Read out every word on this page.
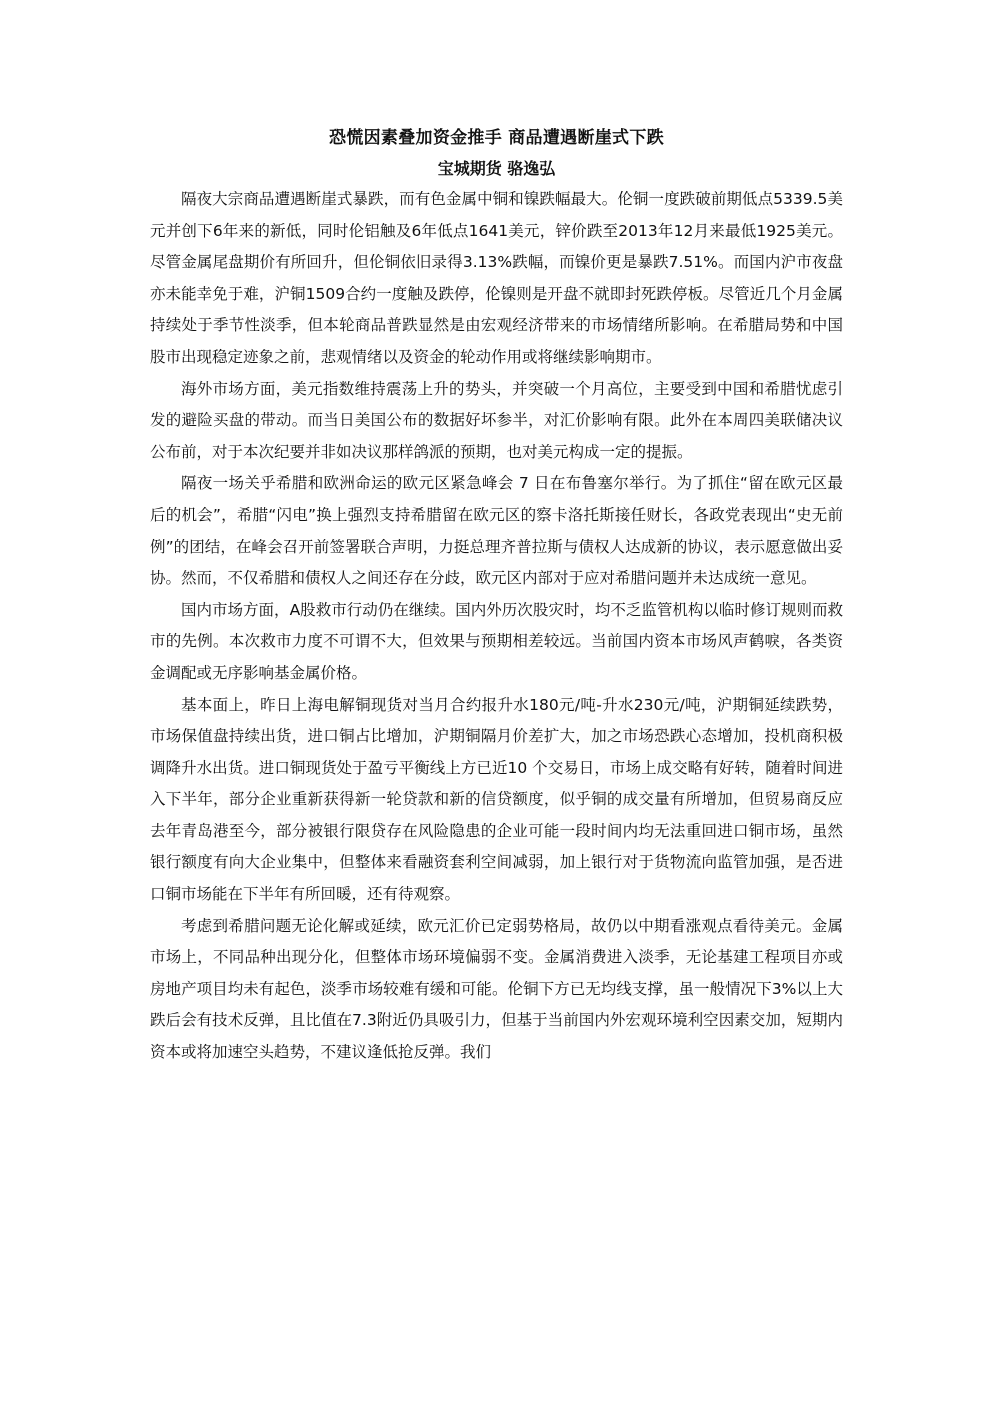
恐慌因素叠加资金推手 商品遭遇断崖式下跌
宝城期货 骆逸弘

隔夜大宗商品遭遇断崖式暴跌，而有色金属中铜和镍跌幅最大。伦铜一度跌破前期低点5339.5美元并创下6年来的新低，同时伦铝触及6年低点1641美元，锌价跌至2013年12月来最低1925美元。尽管金属尾盘期价有所回升，但伦铜依旧录得3.13%跌幅，而镍价更是暴跌7.51%。而国内沪市夜盘亦未能幸免于难，沪铜1509合约一度触及跌停，伦镍则是开盘不就即封死跌停板。尽管近几个月金属持续处于季节性淡季，但本轮商品普跌显然是由宏观经济带来的市场情绪所影响。在希腊局势和中国股市出现稳定迹象之前，悲观情绪以及资金的轮动作用或将继续影响期市。

海外市场方面，美元指数维持震荡上升的势头，并突破一个月高位，主要受到中国和希腊忧虑引发的避险买盘的带动。而当日美国公布的数据好坏参半，对汇价影响有限。此外在本周四美联储决议公布前，对于本次纪要并非如决议那样鸽派的预期，也对美元构成一定的提振。

隔夜一场关乎希腊和欧洲命运的欧元区紧急峰会 7 日在布鲁塞尔举行。为了抓住“留在欧元区最后的机会”，希腊“闪电”换上强烈支持希腊留在欧元区的察卡洛托斯接任财长，各政党表现出“史无前例”的团结，在峰会召开前签署联合声明，力挺总理齐普拉斯与债权人达成新的协议，表示愿意做出妥协。然而，不仅希腊和债权人之间还存在分歧，欧元区内部对于应对希腊问题并未达成统一意见。

国内市场方面，A股救市行动仍在继续。国内外历次股灾时，均不乏监管机构以临时修订规则而救市的先例。本次救市力度不可谓不大，但效果与预期相差较远。当前国内资本市场风声鹤唳，各类资金调配或无序影响基金属价格。

基本面上，昨日上海电解铜现货对当月合约报升水180元/吨-升水230元/吨，沪期铜延续跌势，市场保值盘持续出货，进口铜占比增加，沪期铜隔月价差扩大，加之市场恐跌心态增加，投机商积极调降升水出货。进口铜现货处于盈亏平衡线上方已近10 个交易日，市场上成交略有好转，随着时间进入下半年，部分企业重新获得新一轮贷款和新的信贷额度，似乎铜的成交量有所增加，但贸易商反应去年青岛港至今，部分被银行限贷存在风险隐患的企业可能一段时间内均无法重回进口铜市场，虽然银行额度有向大企业集中，但整体来看融资套利空间减弱，加上银行对于货物流向监管加强，是否进口铜市场能在下半年有所回暖，还有待观察。

考虑到希腊问题无论化解或延续，欧元汇价已定弱势格局，故仍以中期看涨观点看待美元。金属市场上，不同品种出现分化，但整体市场环境偏弱不变。金属消费进入淡季，无论基建工程项目亦或房地产项目均未有起色，淡季市场较难有缓和可能。伦铜下方已无均线支撑，虽一般情况下3%以上大跌后会有技术反弹，且比值在7.3附近仍具吸引力，但基于当前国内外宏观环境利空因素交加，短期内资本或将加速空头趋势，不建议逢低抢反弹。我们
